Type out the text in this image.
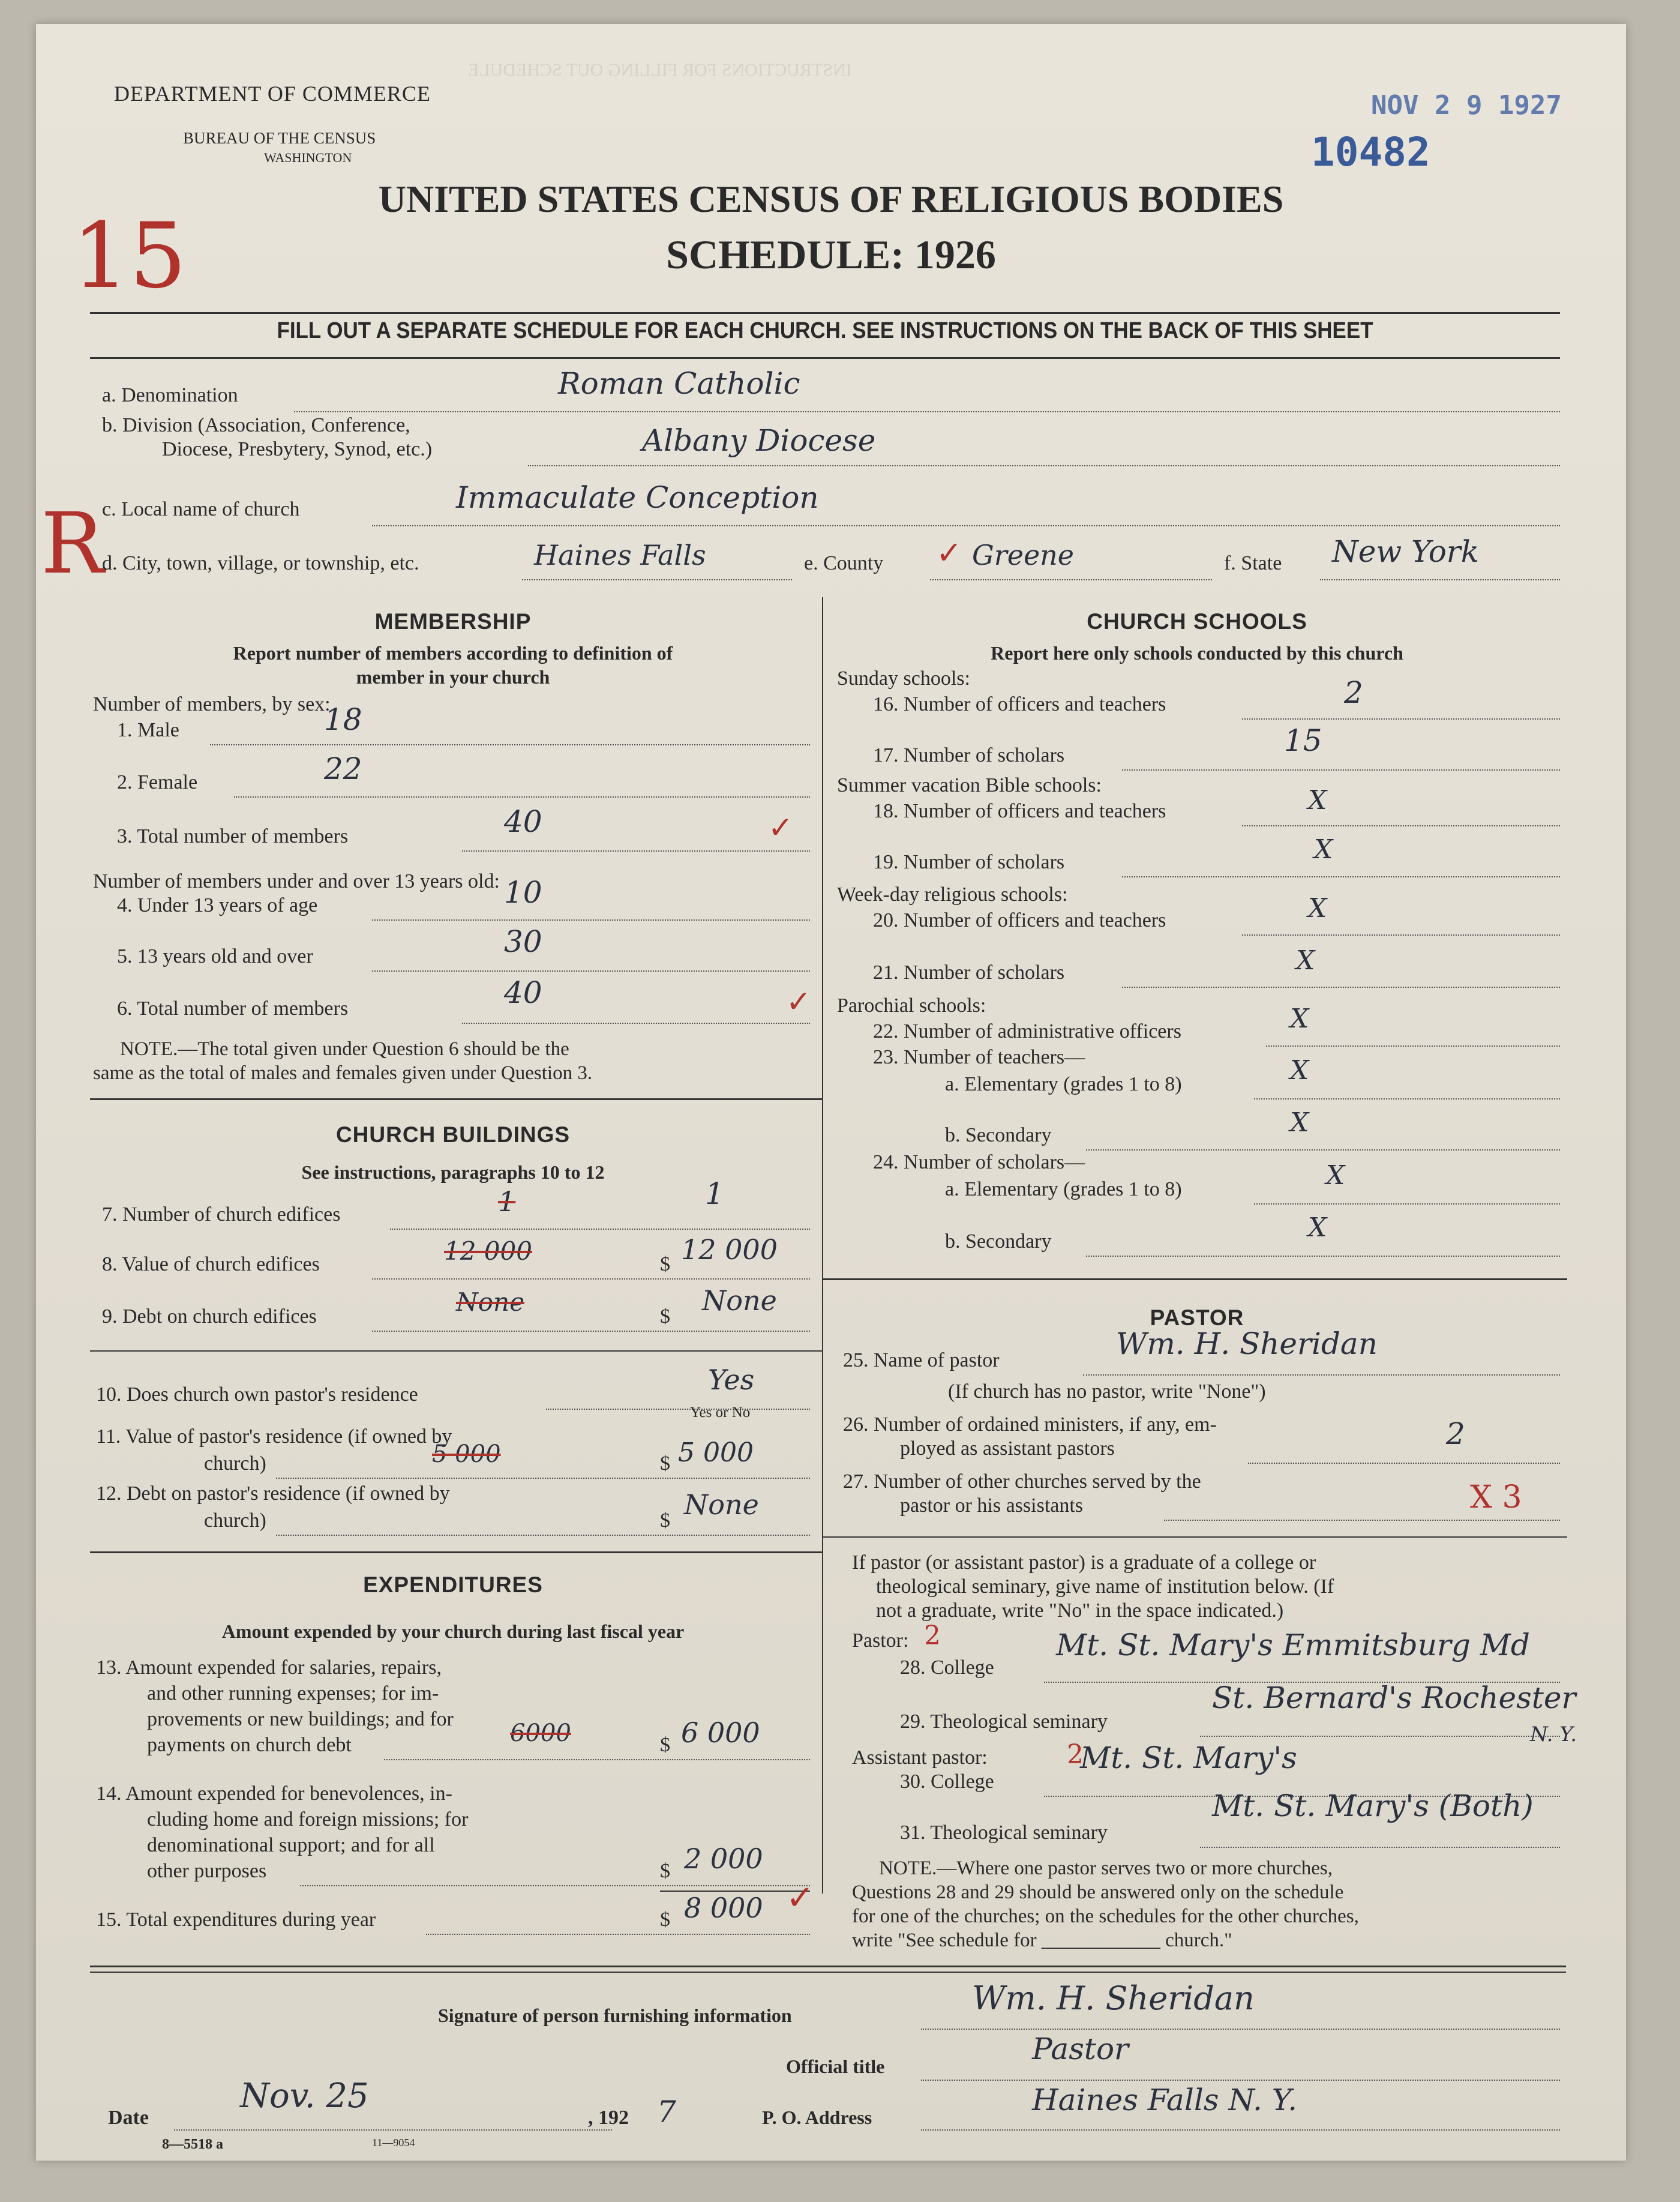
INSTRUCTIONS FOR FILLING OUT SCHEDULE
DEPARTMENT OF COMMERCE
BUREAU OF THE CENSUS
WASHINGTON
NOV 2 9 1927
10482
15
R
UNITED STATES CENSUS OF RELIGIOUS BODIES
SCHEDULE: 1926
FILL OUT A SEPARATE SCHEDULE FOR EACH CHURCH. SEE INSTRUCTIONS ON THE BACK OF THIS SHEET
a. Denomination	Roman Catholic
b. Division (Association, Conference,
Diocese, Presbytery, Synod, etc.)	Albany Diocese
c. Local name of church	Immaculate Conception
d. City, town, village, or township, etc.	Haines Falls	e. County ✓ Greene	f. State New York
MEMBERSHIP
Report number of members according to definition of
member in your church
Number of members, by sex:
1. Male	18
2. Female	22
3. Total number of members	40	✓
Number of members under and over 13 years old:
4. Under 13 years of age	10
5. 13 years old and over	30
6. Total number of members	40	✓
NOTE.—The total given under Question 6 should be the
same as the total of males and females given under Question 3.
CHURCH BUILDINGS
See instructions, paragraphs 10 to 12
7. Number of church edifices	1	1
8. Value of church edifices	12 000	$ 12 000
9. Debt on church edifices	None	$ None
10. Does church own pastor's residence	Yes
Yes or No
11. Value of pastor's residence (if owned by
church)	5 000	$ 5 000
12. Debt on pastor's residence (if owned by
church)	$ None
EXPENDITURES
Amount expended by your church during last fiscal year
13. Amount expended for salaries, repairs,
and other running expenses; for im-
provements or new buildings; and for
payments on church debt	6000	$ 6 000
14. Amount expended for benevolences, in-
cluding home and foreign missions; for
denominational support; and for all
other purposes	$ 2 000
15. Total expenditures during year	$ 8 000 ✓
CHURCH SCHOOLS
Report here only schools conducted by this church
Sunday schools:
16. Number of officers and teachers	2
17. Number of scholars	15
Summer vacation Bible schools:
18. Number of officers and teachers	X
19. Number of scholars	X
Week-day religious schools:
20. Number of officers and teachers	X
21. Number of scholars	X
Parochial schools:
22. Number of administrative officers	X
23. Number of teachers—
a. Elementary (grades 1 to 8)	X
b. Secondary	X
24. Number of scholars—
a. Elementary (grades 1 to 8)	X
b. Secondary	X
PASTOR
25. Name of pastor	Wm. H. Sheridan
(If church has no pastor, write "None")
26. Number of ordained ministers, if any, em-
ployed as assistant pastors	2
27. Number of other churches served by the
pastor or his assistants	X 3
If pastor (or assistant pastor) is a graduate of a college or
theological seminary, give name of institution below. (If
not a graduate, write "No" in the space indicated.)
Pastor: 2
28. College
Mt. St. Mary's Emmitsburg Md
29. Theological seminary
St. Bernard's Rochester
N. Y.
Assistant pastor:	2
30. College
Mt. St. Mary's
31. Theological seminary
Mt. St. Mary's (Both)
NOTE.—Where one pastor serves two or more churches,
Questions 28 and 29 should be answered only on the schedule
for one of the churches; on the schedules for the other churches,
write "See schedule for ____________ church."
Signature of person furnishing information	Wm. H. Sheridan
Official title	Pastor
Date
Nov. 25
, 192 7	P. O. Address	Haines Falls N. Y.
8—5518 a	11—9054
